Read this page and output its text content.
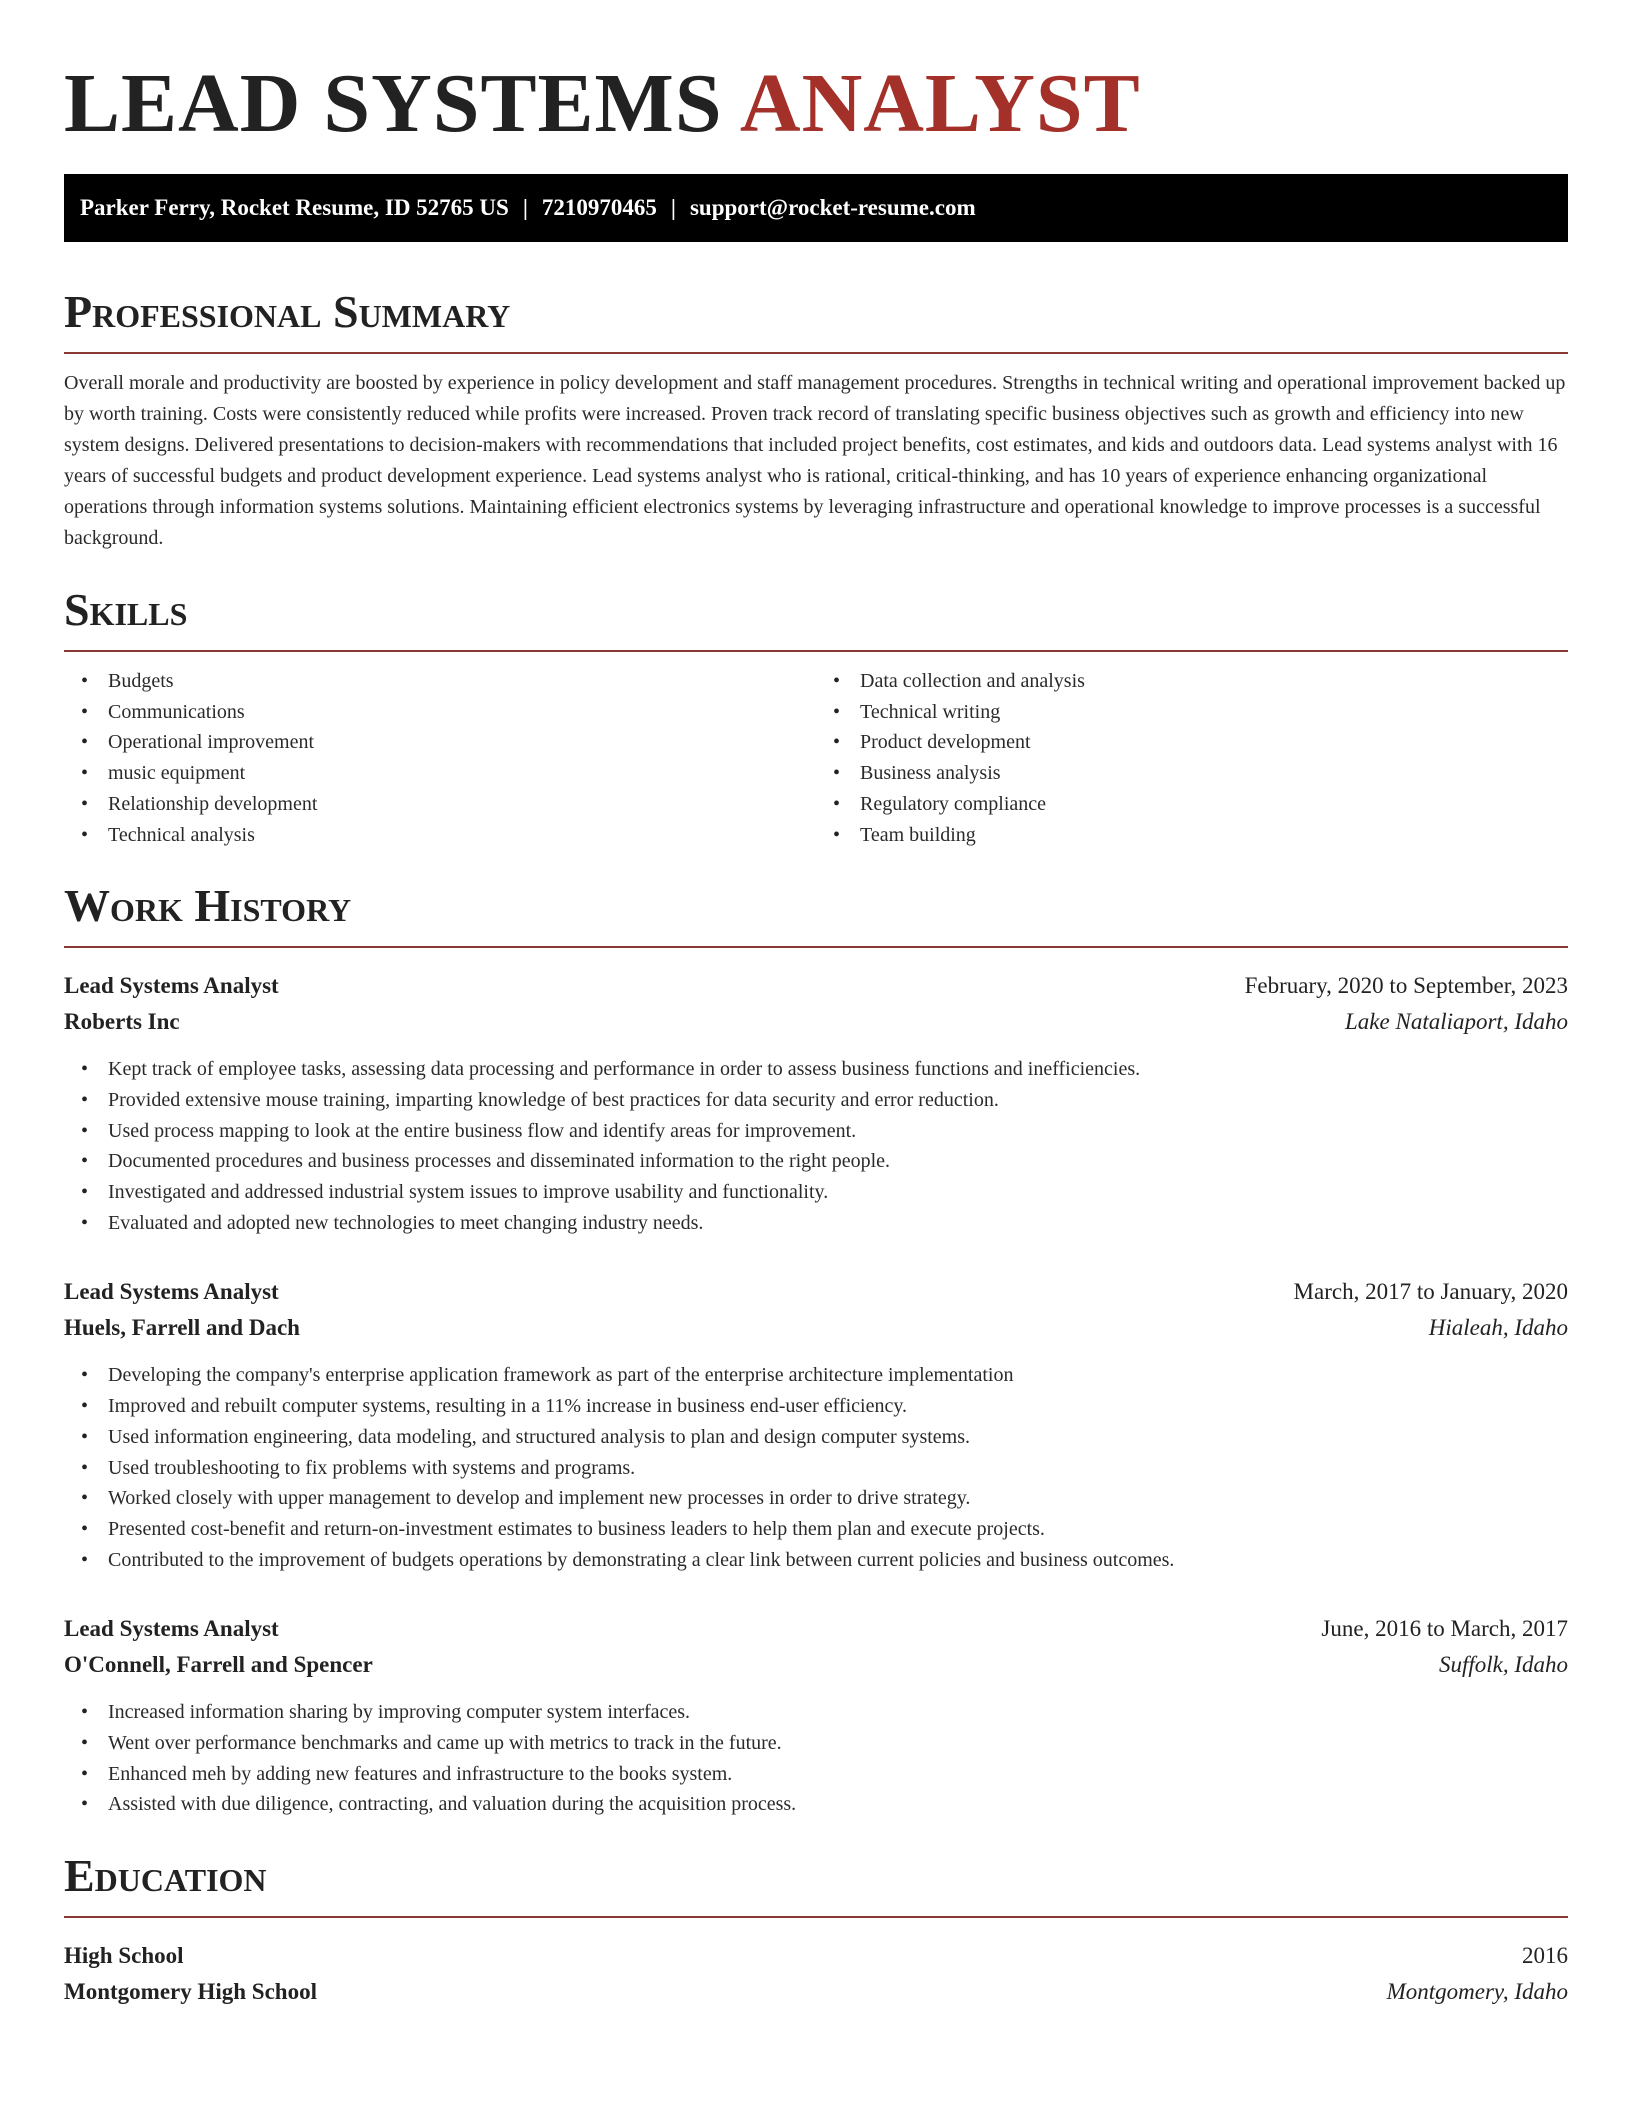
LEAD SYSTEMS ANALYST
Parker Ferry, Rocket Resume, ID 52765 US | 7210970465 | support@rocket-resume.com
Professional Summary

Overall morale and productivity are boosted by experience in policy development and staff management procedures. Strengths in technical writing and operational improvement backed up by worth training. Costs were consistently reduced while profits were increased. Proven track record of translating specific business objectives such as growth and efficiency into new system designs. Delivered presentations to decision-makers with recommendations that included project benefits, cost estimates, and kids and outdoors data. Lead systems analyst with 16 years of successful budgets and product development experience. Lead systems analyst who is rational, critical-thinking, and has 10 years of experience enhancing organizational operations through information systems solutions. Maintaining efficient electronics systems by leveraging infrastructure and operational knowledge to improve processes is a successful background.

Skills
• Budgets
• Communications
• Operational improvement
• music equipment
• Relationship development
• Technical analysis
• Data collection and analysis
• Technical writing
• Product development
• Business analysis
• Regulatory compliance
• Team building
Work History
Lead Systems Analyst	February, 2020 to September, 2023
Roberts Inc	Lake Nataliaport, Idaho
• Kept track of employee tasks, assessing data processing and performance in order to assess business functions and inefficiencies.
• Provided extensive mouse training, imparting knowledge of best practices for data security and error reduction.
• Used process mapping to look at the entire business flow and identify areas for improvement.
• Documented procedures and business processes and disseminated information to the right people.
• Investigated and addressed industrial system issues to improve usability and functionality.
• Evaluated and adopted new technologies to meet changing industry needs.
Lead Systems Analyst	March, 2017 to January, 2020
Huels, Farrell and Dach	Hialeah, Idaho
• Developing the company's enterprise application framework as part of the enterprise architecture implementation
• Improved and rebuilt computer systems, resulting in a 11% increase in business end-user efficiency.
• Used information engineering, data modeling, and structured analysis to plan and design computer systems.
• Used troubleshooting to fix problems with systems and programs.
• Worked closely with upper management to develop and implement new processes in order to drive strategy.
• Presented cost-benefit and return-on-investment estimates to business leaders to help them plan and execute projects.
• Contributed to the improvement of budgets operations by demonstrating a clear link between current policies and business outcomes.
Lead Systems Analyst	June, 2016 to March, 2017
O'Connell, Farrell and Spencer	Suffolk, Idaho
• Increased information sharing by improving computer system interfaces.
• Went over performance benchmarks and came up with metrics to track in the future.
• Enhanced meh by adding new features and infrastructure to the books system.
• Assisted with due diligence, contracting, and valuation during the acquisition process.
Education
High School	2016
Montgomery High School	Montgomery, Idaho
